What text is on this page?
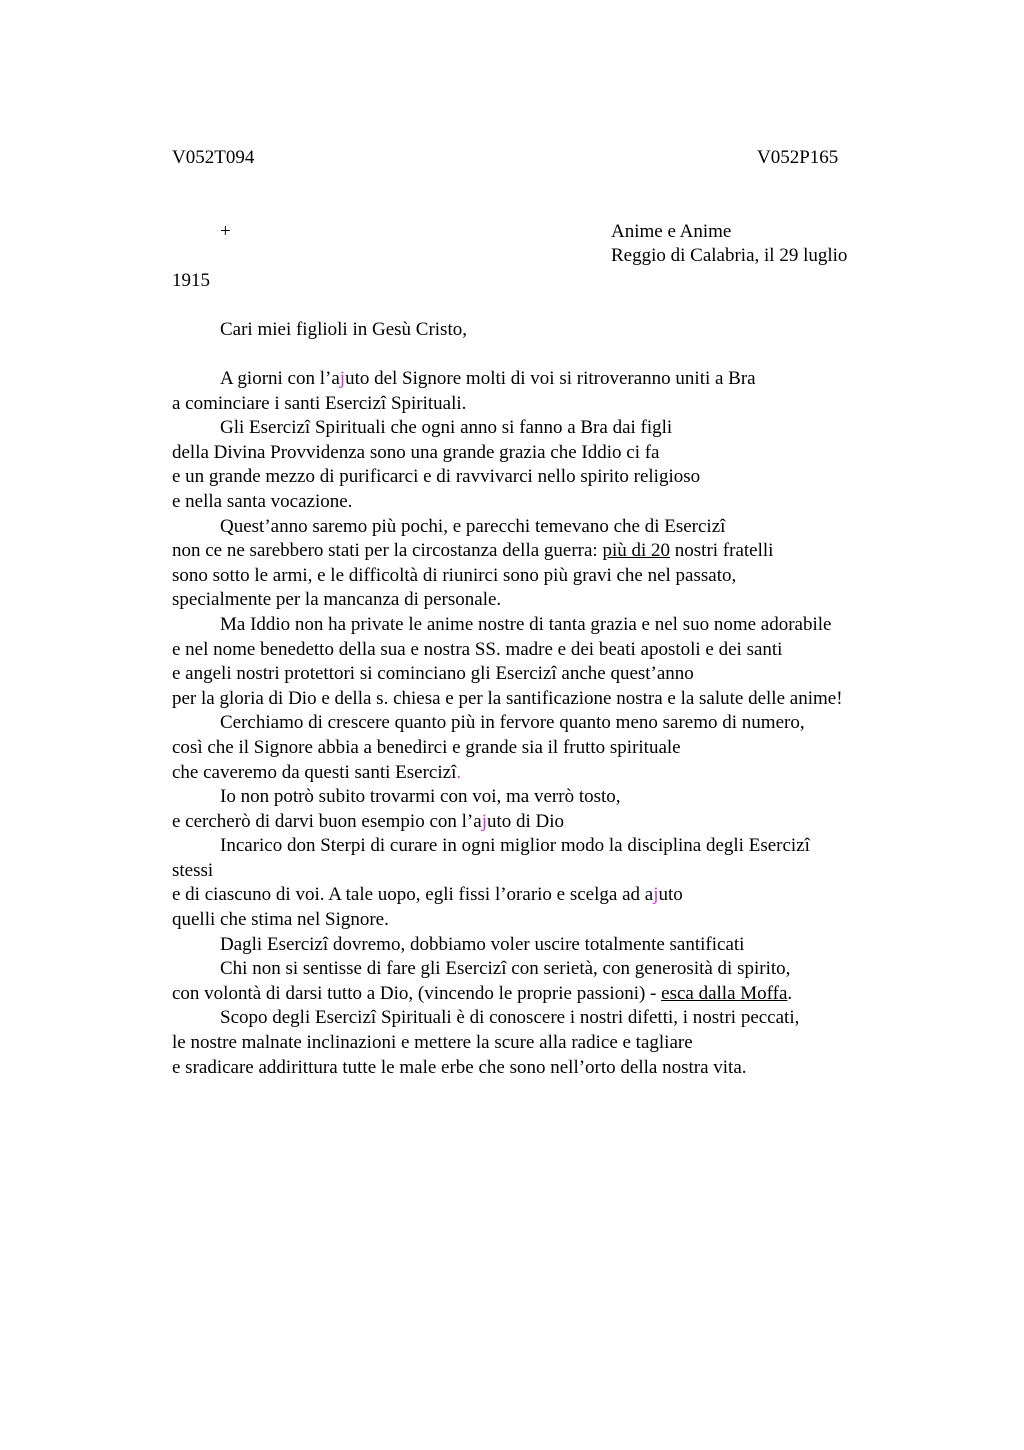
V052T094	V052P165
+	Anime e Anime
Reggio di Calabria, il 29 luglio
1915
Cari miei figlioli in Gesù Cristo,
A giorni con l’ajuto del Signore molti di voi si ritroveranno uniti a Bra
a cominciare i santi Esercizi Spirituali.
Gli Esercizi Spirituali che ogni anno si fanno a Bra dai figli
della Divina Provvidenza sono una grande grazia che Iddio ci fa
e un grande mezzo di purificarci e di ravvivarci nello spirito religioso
e nella santa vocazione.
Quest’anno saremo più pochi, e parecchi temevano che di Esercizi
non ce ne sarebbero stati per la circostanza della guerra: più di 20 nostri fratelli
sono sotto le armi, e le difficoltà di riunirci sono più gravi che nel passato,
specialmente per la mancanza di personale.
Ma Iddio non ha private le anime nostre di tanta grazia e nel suo nome adorabile
e nel nome benedetto della sua e nostra SS. madre e dei beati apostoli e dei santi
e angeli nostri protettori si cominciano gli Esercizi anche quest’anno
per la gloria di Dio e della s. chiesa e per la santificazione nostra e la salute delle anime!
Cerchiamo di crescere quanto più in fervore quanto meno saremo di numero,
così che il Signore abbia a benedirci e grande sia il frutto spirituale
che caveremo da questi santi Esercizî.
Io non potrò subito trovarmi con voi, ma verrò tosto,
e cercherò di darvi buon esempio con l’ajuto di Dio
Incarico don Sterpi di curare in ogni miglior modo la disciplina degli Esercizi
stessi
e di ciascuno di voi. A tale uopo, egli fissi l’orario e scelga ad ajuto
quelli che stima nel Signore.
Dagli Esercizi dovremo, dobbiamo voler uscire totalmente santificati
Chi non si sentisse di fare gli Esercizi con serietà, con generosità di spirito,
con volontà di darsi tutto a Dio, (vincendo le proprie passioni) - esca dalla Moffa.
Scopo degli Esercizi Spirituali è di conoscere i nostri difetti, i nostri peccati,
le nostre malnate inclinazioni e mettere la scure alla radice e tagliare
e sradicare addirittura tutte le male erbe che sono nell’orto della nostra vita.
